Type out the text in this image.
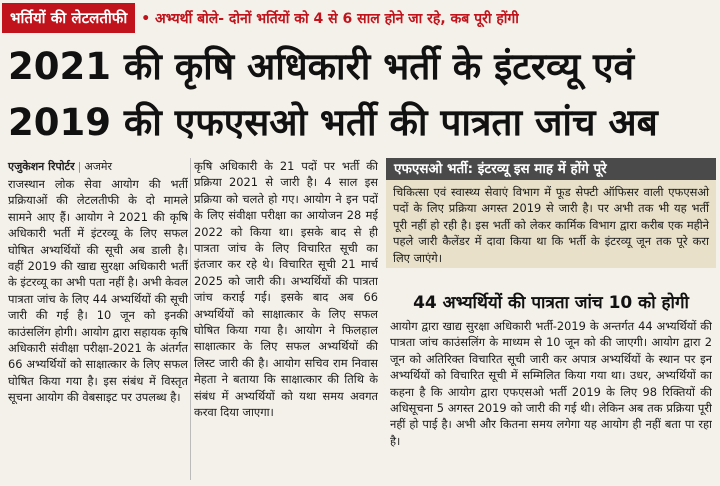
भर्तियों की लेटलतीफी	• अभ्यर्थी बोले- दोनों भर्तियों को 4 से 6 साल होने जा रहे, कब पूरी होंगी
2021 की कृषि अधिकारी भर्ती के इंटरव्यू एवं
2019 की एफएसओ भर्ती की पात्रता जांच अब
एजुकेशन रिपोर्टर | अजमेर
राजस्थान लोक सेवा आयोग की भर्ती प्रक्रियाओं की लेटलतीफी के दो मामले सामने आए हैं। आयोग ने 2021 की कृषि अधिकारी भर्ती में इंटरव्यू के लिए सफल घोषित अभ्यर्थियों की सूची अब डाली है। वहीं 2019 की खाद्य सुरक्षा अधिकारी भर्ती के इंटरव्यू का अभी पता नहीं है। अभी केवल पात्रता जांच के लिए 44 अभ्यर्थियों की सूची जारी की गई है। 10 जून को इनकी काउंसलिंग होगी। आयोग द्वारा सहायक कृषि अधिकारी संवीक्षा परीक्षा-2021 के अंतर्गत 66 अभ्यर्थियों को साक्षात्कार के लिए सफल घोषित किया गया है। इस संबंध में विस्तृत सूचना आयोग की वेबसाइट पर उपलब्ध है।
कृषि अधिकारी के 21 पदों पर भर्ती की प्रक्रिया 2021 से जारी है। 4 साल इस प्रक्रिया को चलते हो गए। आयोग ने इन पदों के लिए संवीक्षा परीक्षा का आयोजन 28 मई 2022 को किया था। इसके बाद से ही पात्रता जांच के लिए विचारित सूची का इंतजार कर रहे थे। विचारित सूची 21 मार्च 2025 को जारी की। अभ्यर्थियों की पात्रता जांच कराई गई। इसके बाद अब 66 अभ्यर्थियों को साक्षात्कार के लिए सफल घोषित किया गया है। आयोग ने फिलहाल साक्षात्कार के लिए सफल अभ्यर्थियों की लिस्ट जारी की है। आयोग सचिव राम निवास मेहता ने बताया कि साक्षात्कार की तिथि के संबंध में अभ्यर्थियों को यथा समय अवगत करवा दिया जाएगा।
एफएसओ भर्ती: इंटरव्यू इस माह में होंगे पूरे
चिकित्सा एवं स्वास्थ्य सेवाएं विभाग में फूड सेफ्टी ऑफिसर वाली एफएसओ पदों के लिए प्रक्रिया अगस्त 2019 से जारी है। पर अभी तक भी यह भर्ती पूरी नहीं हो रही है। इस भर्ती को लेकर कार्मिक विभाग द्वारा करीब एक महीने पहले जारी कैलेंडर में दावा किया था कि भर्ती के इंटरव्यू जून तक पूरे करा लिए जाएंगे।
44 अभ्यर्थियों की पात्रता जांच 10 को होगी
आयोग द्वारा खाद्य सुरक्षा अधिकारी भर्ती-2019 के अन्तर्गत 44 अभ्यर्थियों की पात्रता जांच काउंसलिंग के माध्यम से 10 जून को की जाएगी। आयोग द्वारा 2 जून को अतिरिक्त विचारित सूची जारी कर अपात्र अभ्यर्थियों के स्थान पर इन अभ्यर्थियों को विचारित सूची में सम्मिलित किया गया था। उधर, अभ्यर्थियों का कहना है कि आयोग द्वारा एफएसओ भर्ती 2019 के लिए 98 रिक्तियों की अधिसूचना 5 अगस्त 2019 को जारी की गई थी। लेकिन अब तक प्रक्रिया पूरी नहीं हो पाई है। अभी और कितना समय लगेगा यह आयोग ही नहीं बता पा रहा है।
